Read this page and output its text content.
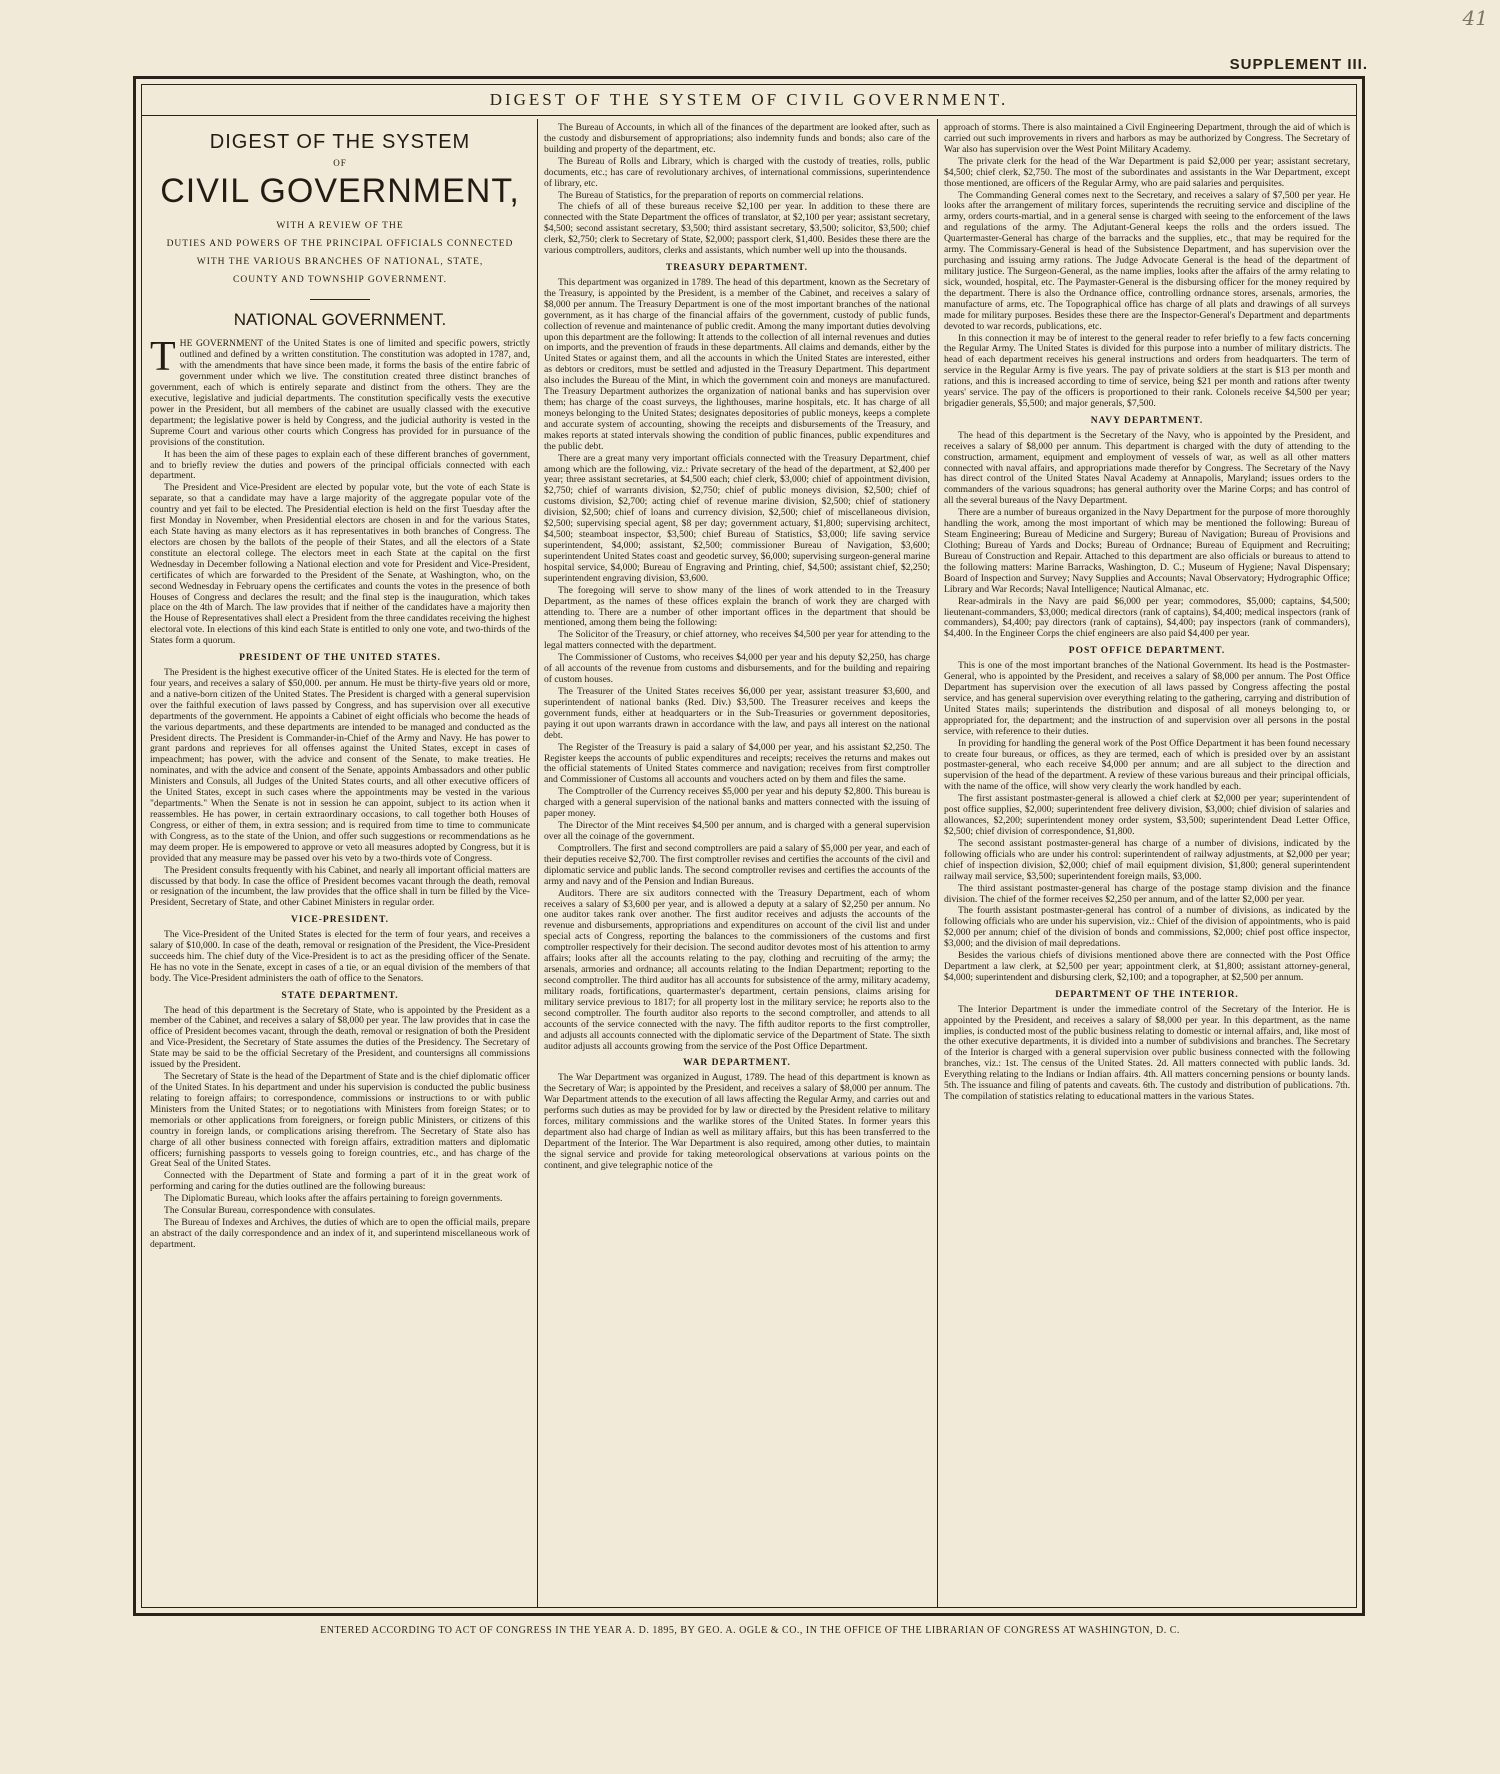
41
SUPPLEMENT III.
DIGEST OF THE SYSTEM OF CIVIL GOVERNMENT.
DIGEST OF THE SYSTEM
OF
CIVIL GOVERNMENT,
WITH A REVIEW OF THE
DUTIES AND POWERS OF THE PRINCIPAL OFFICIALS CONNECTED
WITH THE VARIOUS BRANCHES OF NATIONAL, STATE,
COUNTY AND TOWNSHIP GOVERNMENT.
NATIONAL GOVERNMENT.

THE GOVERNMENT of the United States is one of limited and specific powers, strictly outlined and defined by a written constitution. The constitution was adopted in 1787, and, with the amendments that have since been made, it forms the basis of the entire fabric of government under which we live. The constitution created three distinct branches of government, each of which is entirely separate and distinct from the others. They are the executive, legislative and judicial departments. The constitution specifically vests the executive power in the President, but all members of the cabinet are usually classed with the executive department; the legislative power is held by Congress, and the judicial authority is vested in the Supreme Court and various other courts which Congress has provided for in pursuance of the provisions of the constitution.

It has been the aim of these pages to explain each of these different branches of government, and to briefly review the duties and powers of the principal officials connected with each department.

The President and Vice-President are elected by popular vote, but the vote of each State is separate, so that a candidate may have a large majority of the aggregate popular vote of the country and yet fail to be elected. The Presidential election is held on the first Tuesday after the first Monday in November, when Presidential electors are chosen in and for the various States, each State having as many electors as it has representatives in both branches of Congress. The electors are chosen by the ballots of the people of their States, and all the electors of a State constitute an electoral college. The electors meet in each State at the capital on the first Wednesday in December following a National election and vote for President and Vice-President, certificates of which are forwarded to the President of the Senate, at Washington, who, on the second Wednesday in February opens the certificates and counts the votes in the presence of both Houses of Congress and declares the result; and the final step is the inauguration, which takes place on the 4th of March. The law provides that if neither of the candidates have a majority then the House of Representatives shall elect a President from the three candidates receiving the highest electoral vote. In elections of this kind each State is entitled to only one vote, and two-thirds of the States form a quorum.

PRESIDENT OF THE UNITED STATES.

The President is the highest executive officer of the United States. He is elected for the term of four years, and receives a salary of $50,000. per annum. He must be thirty-five years old or more, and a native-born citizen of the United States. The President is charged with a general supervision over the faithful execution of laws passed by Congress, and has supervision over all executive departments of the government. He appoints a Cabinet of eight officials who become the heads of the various departments, and these departments are intended to be managed and conducted as the President directs. The President is Commander-in-Chief of the Army and Navy. He has power to grant pardons and reprieves for all offenses against the United States, except in cases of impeachment; has power, with the advice and consent of the Senate, to make treaties. He nominates, and with the advice and consent of the Senate, appoints Ambassadors and other public Ministers and Consuls, all Judges of the United States courts, and all other executive officers of the United States, except in such cases where the appointments may be vested in the various "departments." When the Senate is not in session he can appoint, subject to its action when it reassembles. He has power, in certain extraordinary occasions, to call together both Houses of Congress, or either of them, in extra session; and is required from time to time to communicate with Congress, as to the state of the Union, and offer such suggestions or recommendations as he may deem proper. He is empowered to approve or veto all measures adopted by Congress, but it is provided that any measure may be passed over his veto by a two-thirds vote of Congress.

The President consults frequently with his Cabinet, and nearly all important official matters are discussed by that body. In case the office of President becomes vacant through the death, removal or resignation of the incumbent, the law provides that the office shall in turn be filled by the Vice-President, Secretary of State, and other Cabinet Ministers in regular order.

VICE-PRESIDENT.

The Vice-President of the United States is elected for the term of four years, and receives a salary of $10,000. In case of the death, removal or resignation of the President, the Vice-President succeeds him. The chief duty of the Vice-President is to act as the presiding officer of the Senate. He has no vote in the Senate, except in cases of a tie, or an equal division of the members of that body. The Vice-President administers the oath of office to the Senators.

STATE DEPARTMENT.

The head of this department is the Secretary of State, who is appointed by the President as a member of the Cabinet, and receives a salary of $8,000 per year. The law provides that in case the office of President becomes vacant, through the death, removal or resignation of both the President and Vice-President, the Secretary of State assumes the duties of the Presidency. The Secretary of State may be said to be the official Secretary of the President, and countersigns all commissions issued by the President.

The Secretary of State is the head of the Department of State and is the chief diplomatic officer of the United States. In his department and under his supervision is conducted the public business relating to foreign affairs; to correspondence, commissions or instructions to or with public Ministers from the United States; or to negotiations with Ministers from foreign States; or to memorials or other applications from foreigners, or foreign public Ministers, or citizens of this country in foreign lands, or complications arising therefrom. The Secretary of State also has charge of all other business connected with foreign affairs, extradition matters and diplomatic officers; furnishing passports to vessels going to foreign countries, etc., and has charge of the Great Seal of the United States.

Connected with the Department of State and forming a part of it in the great work of performing and caring for the duties outlined are the following bureaus:

The Diplomatic Bureau, which looks after the affairs pertaining to foreign governments.

The Consular Bureau, correspondence with consulates.

The Bureau of Indexes and Archives, the duties of which are to open the official mails, prepare an abstract of the daily correspondence and an index of it, and superintend miscellaneous work of department.

The Bureau of Accounts, in which all of the finances of the department are looked after, such as the custody and disbursement of appropriations; also indemnity funds and bonds; also care of the building and property of the department, etc.

The Bureau of Rolls and Library, which is charged with the custody of treaties, rolls, public documents, etc.; has care of revolutionary archives, of international commissions, superintendence of library, etc.

The Bureau of Statistics, for the preparation of reports on commercial relations.

The chiefs of all of these bureaus receive $2,100 per year. In addition to these there are connected with the State Department the offices of translator, at $2,100 per year; assistant secretary, $4,500; second assistant secretary, $3,500; third assistant secretary, $3,500; solicitor, $3,500; chief clerk, $2,750; clerk to Secretary of State, $2,000; passport clerk, $1,400. Besides these there are the various comptrollers, auditors, clerks and assistants, which number well up into the thousands.

TREASURY DEPARTMENT.

This department was organized in 1789. The head of this department, known as the Secretary of the Treasury, is appointed by the President, is a member of the Cabinet, and receives a salary of $8,000 per annum. The Treasury Department is one of the most important branches of the national government, as it has charge of the financial affairs of the government, custody of public funds, collection of revenue and maintenance of public credit. Among the many important duties devolving upon this department are the following: It attends to the collection of all internal revenues and duties on imports, and the prevention of frauds in these departments. All claims and demands, either by the United States or against them, and all the accounts in which the United States are interested, either as debtors or creditors, must be settled and adjusted in the Treasury Department. This department also includes the Bureau of the Mint, in which the government coin and moneys are manufactured. The Treasury Department authorizes the organization of national banks and has supervision over them; has charge of the coast surveys, the lighthouses, marine hospitals, etc. It has charge of all moneys belonging to the United States; designates depositories of public moneys, keeps a complete and accurate system of accounting, showing the receipts and disbursements of the Treasury, and makes reports at stated intervals showing the condition of public finances, public expenditures and the public debt.

There are a great many very important officials connected with the Treasury Department, chief among which are the following, viz.: Private secretary of the head of the department, at $2,400 per year; three assistant secretaries, at $4,500 each; chief clerk, $3,000; chief of appointment division, $2,750; chief of warrants division, $2,750; chief of public moneys division, $2,500; chief of customs division, $2,700; acting chief of revenue marine division, $2,500; chief of stationery division, $2,500; chief of loans and currency division, $2,500; chief of miscellaneous division, $2,500; supervising special agent, $8 per day; government actuary, $1,800; supervising architect, $4,500; steamboat inspector, $3,500; chief Bureau of Statistics, $3,000; life saving service superintendent, $4,000; assistant, $2,500; commissioner Bureau of Navigation, $3,600; superintendent United States coast and geodetic survey, $6,000; supervising surgeon-general marine hospital service, $4,000; Bureau of Engraving and Printing, chief, $4,500; assistant chief, $2,250; superintendent engraving division, $3,600.

The foregoing will serve to show many of the lines of work attended to in the Treasury Department, as the names of these offices explain the branch of work they are charged with attending to. There are a number of other important offices in the department that should be mentioned, among them being the following:

The Solicitor of the Treasury, or chief attorney, who receives $4,500 per year for attending to the legal matters connected with the department.

The Commissioner of Customs, who receives $4,000 per year and his deputy $2,250, has charge of all accounts of the revenue from customs and disbursements, and for the building and repairing of custom houses.

The Treasurer of the United States receives $6,000 per year, assistant treasurer $3,600, and superintendent of national banks (Red. Div.) $3,500. The Treasurer receives and keeps the government funds, either at headquarters or in the Sub-Treasuries or government depositories, paying it out upon warrants drawn in accordance with the law, and pays all interest on the national debt.

The Register of the Treasury is paid a salary of $4,000 per year, and his assistant $2,250. The Register keeps the accounts of public expenditures and receipts; receives the returns and makes out the official statements of United States commerce and navigation; receives from first comptroller and Commissioner of Customs all accounts and vouchers acted on by them and files the same.

The Comptroller of the Currency receives $5,000 per year and his deputy $2,800. This bureau is charged with a general supervision of the national banks and matters connected with the issuing of paper money.

The Director of the Mint receives $4,500 per annum, and is charged with a general supervision over all the coinage of the government.

Comptrollers. The first and second comptrollers are paid a salary of $5,000 per year, and each of their deputies receive $2,700. The first comptroller revises and certifies the accounts of the civil and diplomatic service and public lands. The second comptroller revises and certifies the accounts of the army and navy and of the Pension and Indian Bureaus.

Auditors. There are six auditors connected with the Treasury Department, each of whom receives a salary of $3,600 per year, and is allowed a deputy at a salary of $2,250 per annum. No one auditor takes rank over another. The first auditor receives and adjusts the accounts of the revenue and disbursements, appropriations and expenditures on account of the civil list and under special acts of Congress, reporting the balances to the commissioners of the customs and first comptroller respectively for their decision. The second auditor devotes most of his attention to army affairs; looks after all the accounts relating to the pay, clothing and recruiting of the army; the arsenals, armories and ordnance; all accounts relating to the Indian Department; reporting to the second comptroller. The third auditor has all accounts for subsistence of the army, military academy, military roads, fortifications, quartermaster's department, certain pensions, claims arising for military service previous to 1817; for all property lost in the military service; he reports also to the second comptroller. The fourth auditor also reports to the second comptroller, and attends to all accounts of the service connected with the navy. The fifth auditor reports to the first comptroller, and adjusts all accounts connected with the diplomatic service of the Department of State. The sixth auditor adjusts all accounts growing from the service of the Post Office Department.

WAR DEPARTMENT.

The War Department was organized in August, 1789. The head of this department is known as the Secretary of War; is appointed by the President, and receives a salary of $8,000 per annum. The War Department attends to the execution of all laws affecting the Regular Army, and carries out and performs such duties as may be provided for by law or directed by the President relative to military forces, military commissions and the warlike stores of the United States. In former years this department also had charge of Indian as well as military affairs, but this has been transferred to the Department of the Interior. The War Department is also required, among other duties, to maintain the signal service and provide for taking meteorological observations at various points on the continent, and give telegraphic notice of the

approach of storms. There is also maintained a Civil Engineering Department, through the aid of which is carried out such improvements in rivers and harbors as may be authorized by Congress. The Secretary of War also has supervision over the West Point Military Academy.

The private clerk for the head of the War Department is paid $2,000 per year; assistant secretary, $4,500; chief clerk, $2,750. The most of the subordinates and assistants in the War Department, except those mentioned, are officers of the Regular Army, who are paid salaries and perquisites.

The Commanding General comes next to the Secretary, and receives a salary of $7,500 per year. He looks after the arrangement of military forces, superintends the recruiting service and discipline of the army, orders courts-martial, and in a general sense is charged with seeing to the enforcement of the laws and regulations of the army. The Adjutant-General keeps the rolls and the orders issued. The Quartermaster-General has charge of the barracks and the supplies, etc., that may be required for the army. The Commissary-General is head of the Subsistence Department, and has supervision over the purchasing and issuing army rations. The Judge Advocate General is the head of the department of military justice. The Surgeon-General, as the name implies, looks after the affairs of the army relating to sick, wounded, hospital, etc. The Paymaster-General is the disbursing officer for the money required by the department. There is also the Ordnance office, controlling ordnance stores, arsenals, armories, the manufacture of arms, etc. The Topographical office has charge of all plats and drawings of all surveys made for military purposes. Besides these there are the Inspector-General's Department and departments devoted to war records, publications, etc.

In this connection it may be of interest to the general reader to refer briefly to a few facts concerning the Regular Army. The United States is divided for this purpose into a number of military districts. The head of each department receives his general instructions and orders from headquarters. The term of service in the Regular Army is five years. The pay of private soldiers at the start is $13 per month and rations, and this is increased according to time of service, being $21 per month and rations after twenty years' service. The pay of the officers is proportioned to their rank. Colonels receive $4,500 per year; brigadier generals, $5,500; and major generals, $7,500.

NAVY DEPARTMENT.

The head of this department is the Secretary of the Navy, who is appointed by the President, and receives a salary of $8,000 per annum. This department is charged with the duty of attending to the construction, armament, equipment and employment of vessels of war, as well as all other matters connected with naval affairs, and appropriations made therefor by Congress. The Secretary of the Navy has direct control of the United States Naval Academy at Annapolis, Maryland; issues orders to the commanders of the various squadrons; has general authority over the Marine Corps; and has control of all the several bureaus of the Navy Department.

There are a number of bureaus organized in the Navy Department for the purpose of more thoroughly handling the work, among the most important of which may be mentioned the following: Bureau of Steam Engineering; Bureau of Medicine and Surgery; Bureau of Navigation; Bureau of Provisions and Clothing; Bureau of Yards and Docks; Bureau of Ordnance; Bureau of Equipment and Recruiting; Bureau of Construction and Repair. Attached to this department are also officials or bureaus to attend to the following matters: Marine Barracks, Washington, D. C.; Museum of Hygiene; Naval Dispensary; Board of Inspection and Survey; Navy Supplies and Accounts; Naval Observatory; Hydrographic Office; Library and War Records; Naval Intelligence; Nautical Almanac, etc.

Rear-admirals in the Navy are paid $6,000 per year; commodores, $5,000; captains, $4,500; lieutenant-commanders, $3,000; medical directors (rank of captains), $4,400; medical inspectors (rank of commanders), $4,400; pay directors (rank of captains), $4,400; pay inspectors (rank of commanders), $4,400. In the Engineer Corps the chief engineers are also paid $4,400 per year.

POST OFFICE DEPARTMENT.

This is one of the most important branches of the National Government. Its head is the Postmaster-General, who is appointed by the President, and receives a salary of $8,000 per annum. The Post Office Department has supervision over the execution of all laws passed by Congress affecting the postal service, and has general supervision over everything relating to the gathering, carrying and distribution of United States mails; superintends the distribution and disposal of all moneys belonging to, or appropriated for, the department; and the instruction of and supervision over all persons in the postal service, with reference to their duties.

In providing for handling the general work of the Post Office Department it has been found necessary to create four bureaus, or offices, as they are termed, each of which is presided over by an assistant postmaster-general, who each receive $4,000 per annum; and are all subject to the direction and supervision of the head of the department. A review of these various bureaus and their principal officials, with the name of the office, will show very clearly the work handled by each.

The first assistant postmaster-general is allowed a chief clerk at $2,000 per year; superintendent of post office supplies, $2,000; superintendent free delivery division, $3,000; chief division of salaries and allowances, $2,200; superintendent money order system, $3,500; superintendent Dead Letter Office, $2,500; chief division of correspondence, $1,800.

The second assistant postmaster-general has charge of a number of divisions, indicated by the following officials who are under his control: superintendent of railway adjustments, at $2,000 per year; chief of inspection division, $2,000; chief of mail equipment division, $1,800; general superintendent railway mail service, $3,500; superintendent foreign mails, $3,000.

The third assistant postmaster-general has charge of the postage stamp division and the finance division. The chief of the former receives $2,250 per annum, and of the latter $2,000 per year.

The fourth assistant postmaster-general has control of a number of divisions, as indicated by the following officials who are under his supervision, viz.: Chief of the division of appointments, who is paid $2,000 per annum; chief of the division of bonds and commissions, $2,000; chief post office inspector, $3,000; and the division of mail depredations.

Besides the various chiefs of divisions mentioned above there are connected with the Post Office Department a law clerk, at $2,500 per year; appointment clerk, at $1,800; assistant attorney-general, $4,000; superintendent and disbursing clerk, $2,100; and a topographer, at $2,500 per annum.

DEPARTMENT OF THE INTERIOR.

The Interior Department is under the immediate control of the Secretary of the Interior. He is appointed by the President, and receives a salary of $8,000 per year. In this department, as the name implies, is conducted most of the public business relating to domestic or internal affairs, and, like most of the other executive departments, it is divided into a number of subdivisions and branches. The Secretary of the Interior is charged with a general supervision over public business connected with the following branches, viz.: 1st. The census of the United States. 2d. All matters connected with public lands. 3d. Everything relating to the Indians or Indian affairs. 4th. All matters concerning pensions or bounty lands. 5th. The issuance and filing of patents and caveats. 6th. The custody and distribution of publications. 7th. The compilation of statistics relating to educational matters in the various States.

ENTERED ACCORDING TO ACT OF CONGRESS IN THE YEAR A. D. 1895, BY GEO. A. OGLE & CO., IN THE OFFICE OF THE LIBRARIAN OF CONGRESS AT WASHINGTON, D. C.
